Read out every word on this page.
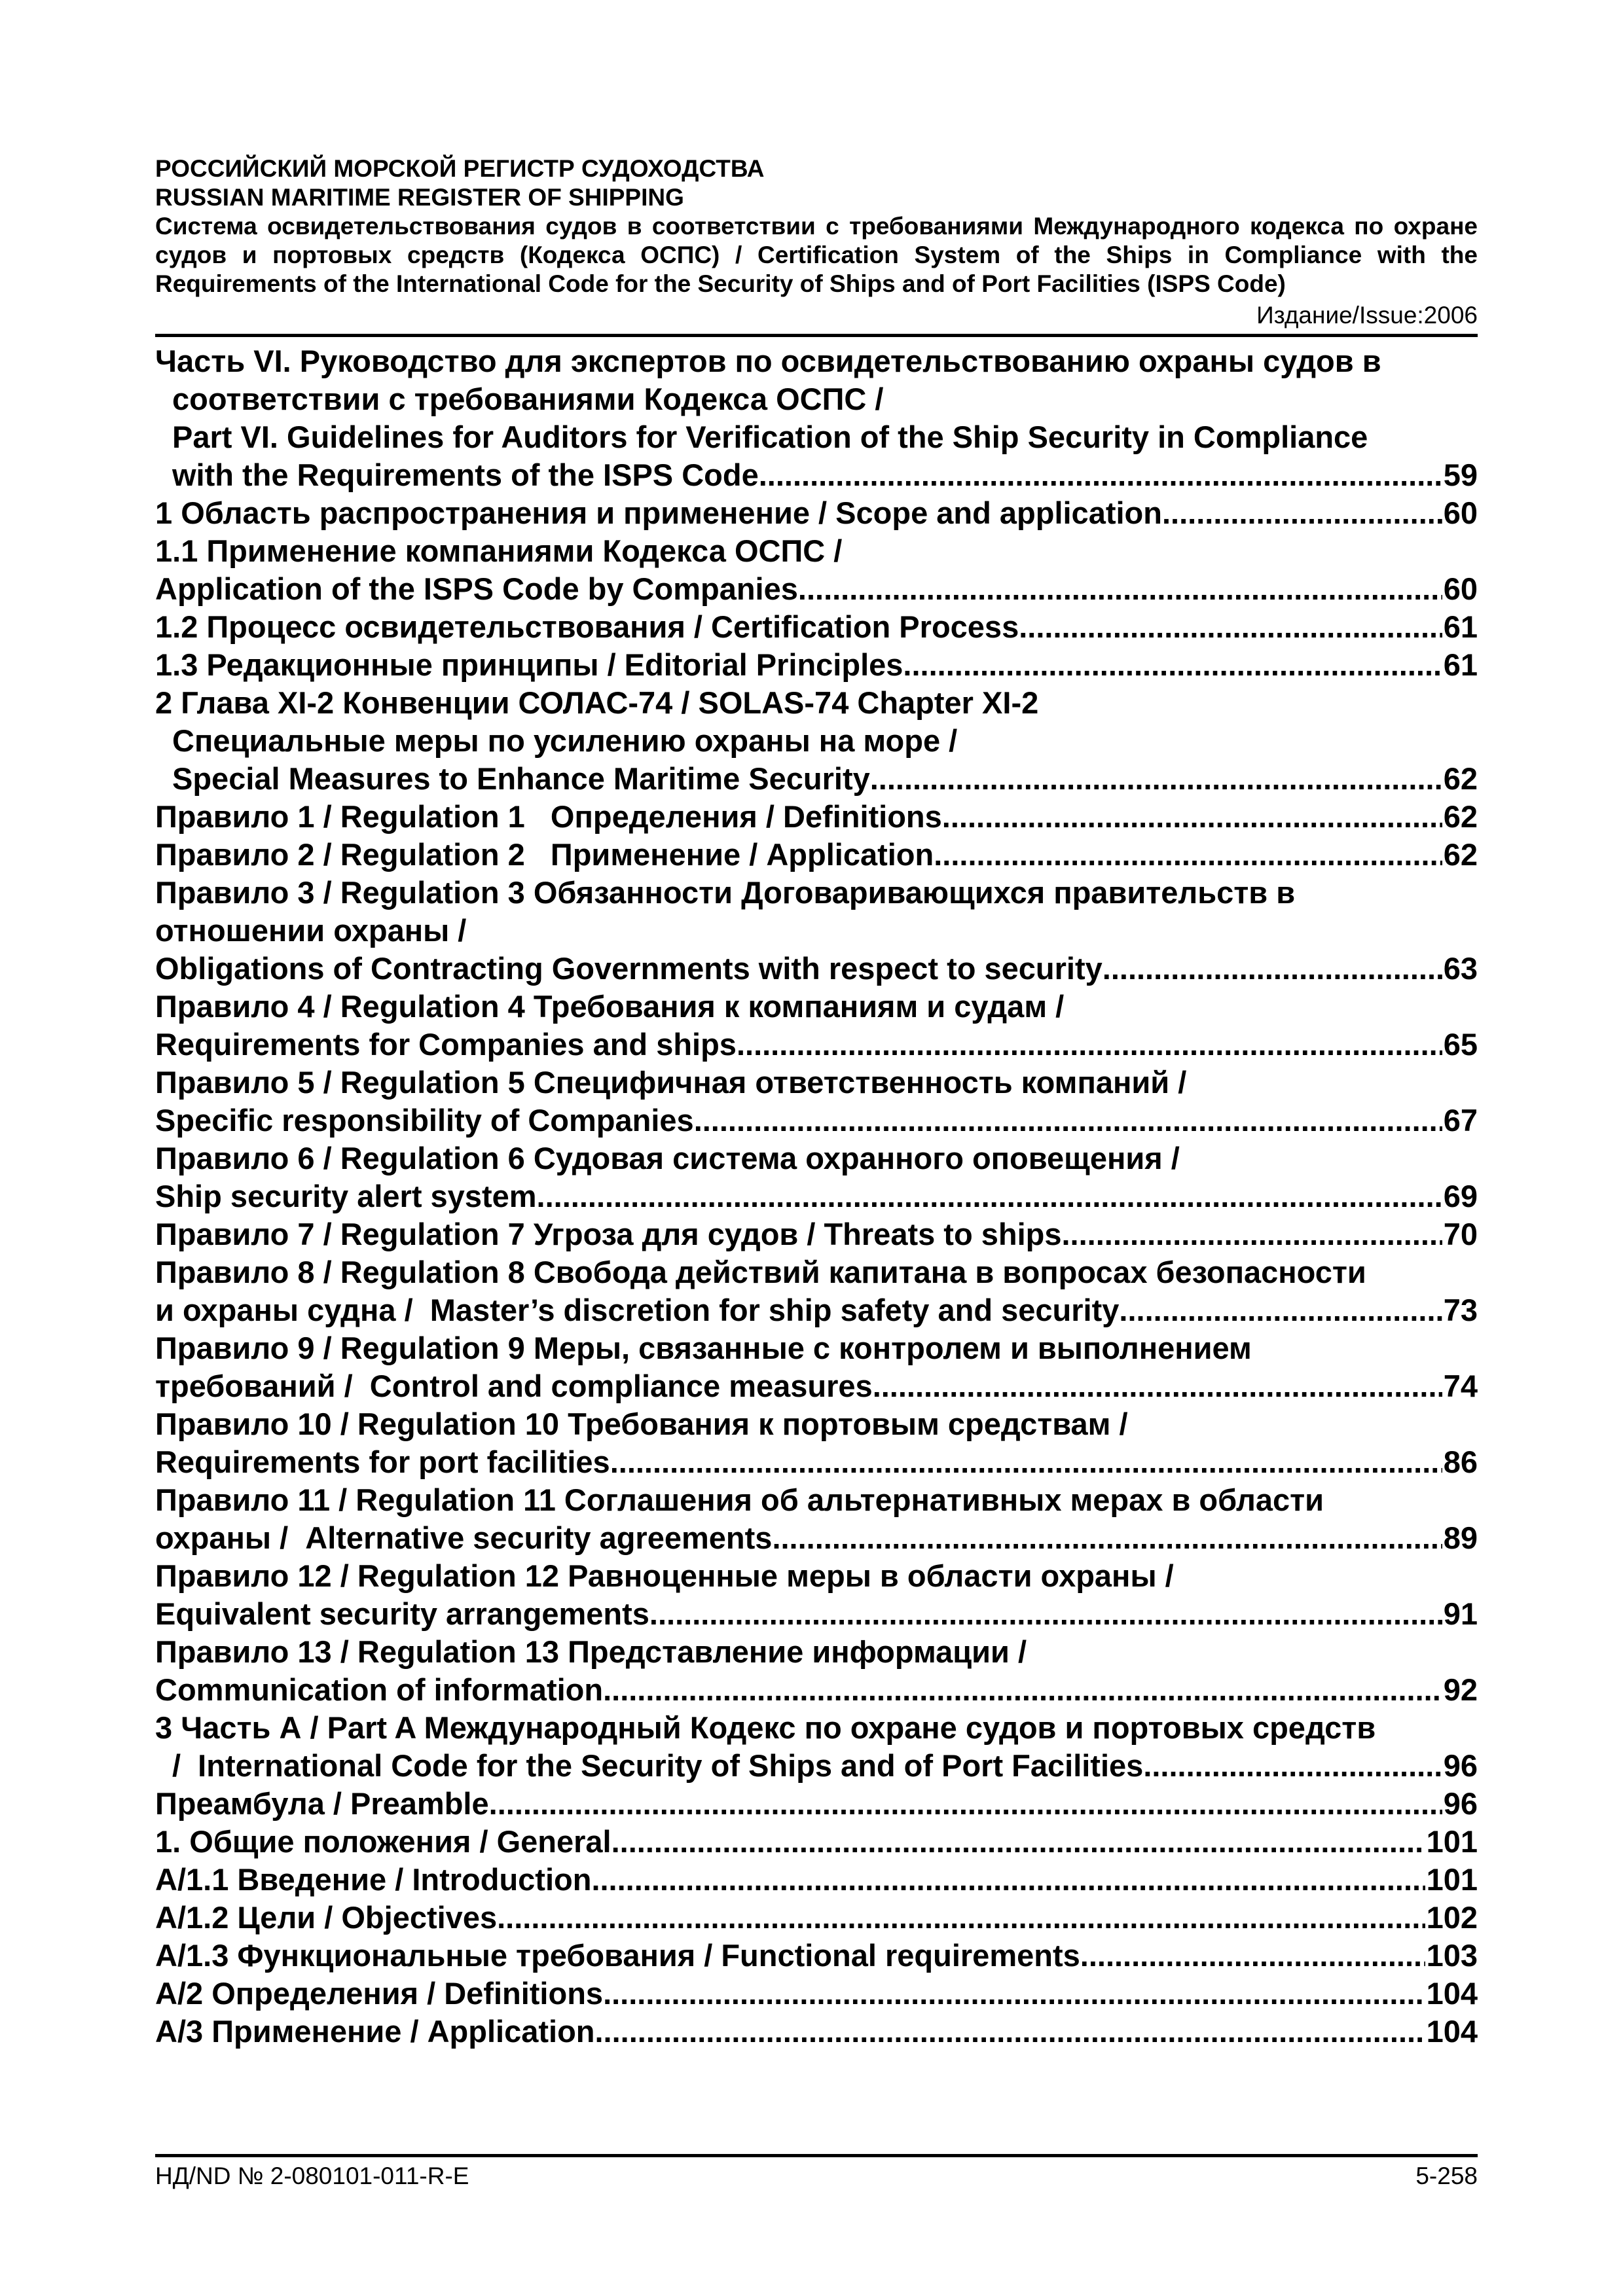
РОССИЙСКИЙ МОРСКОЙ РЕГИСТР СУДОХОДСТВА
RUSSIAN MARITIME REGISTER OF SHIPPING
Система освидетельствования судов в соответствии с требованиями Международного кодекса по охране судов и портовых средств (Кодекса ОСПС) / Certification System of the Ships in Compliance with the Requirements of the International Code for the Security of Ships and of Port Facilities (ISPS Code)
Издание/Issue:2006
Часть VI. Руководство для экспертов по освидетельствованию охраны судов в
соответствии с требованиями Кодекса ОСПС /
Part VI. Guidelines for Auditors for Verification of the Ship Security in Compliance
with the Requirements of the ISPS Code .....	59
1 Область распространения и применение / Scope and application .....	60
1.1 Применение компаниями Кодекса ОСПС /
Application of the ISPS Code by Companies .....	60
1.2 Процесс освидетельствования / Certification Process .....	61
1.3 Редакционные принципы / Editorial Principles .....	61
2 Глава XI-2 Конвенции СОЛАС-74 / SOLAS-74 Chapter XI-2
Специальные меры по усилению охраны на море /
Special Measures to Enhance Maritime Security .....	62
Правило 1 / Regulation 1   Определения / Definitions .....	62
Правило 2 / Regulation 2   Применение / Application .....	62
Правило 3 / Regulation 3 Обязанности Договаривающихся правительств в
отношении охраны /
Obligations of Contracting Governments with respect to security .....	63
Правило 4 / Regulation 4 Требования к компаниям и судам /
Requirements for Companies and ships .....	65
Правило 5 / Regulation 5 Специфичная ответственность компаний /
Specific responsibility of Companies .....	67
Правило 6 / Regulation 6 Судовая система охранного оповещения /
Ship security alert system .....	69
Правило 7 / Regulation 7 Угроза для судов / Threats to ships .....	70
Правило 8 / Regulation 8 Свобода действий капитана в вопросах безопасности
и охраны судна /  Master’s discretion for ship safety and security .....	73
Правило 9 / Regulation 9 Меры, связанные с контролем и выполнением
требований /  Control and compliance measures .....	74
Правило 10 / Regulation 10 Требования к портовым средствам /
Requirements for port facilities .....	86
Правило 11 / Regulation 11 Соглашения об альтернативных мерах в области
охраны /  Alternative security agreements .....	89
Правило 12 / Regulation 12 Равноценные меры в области охраны /
Equivalent security arrangements .....	91
Правило 13 / Regulation 13 Представление информации /
Communication of information .....	92
3 Часть А / Part A Международный Кодекс по охране судов и портовых средств
/  International Code for the Security of Ships and of Port Facilities .....	96
Преамбула / Preamble .....	96
1. Общие положения / General .....	101
A/1.1 Введение / Introduction .....	101
A/1.2 Цели / Objectives .....	102
A/1.3 Функциональные требования / Functional requirements .....	103
A/2 Определения / Definitions .....	104
A/3 Применение / Application .....	104
НД/ND № 2-080101-011-R-E	5-258
